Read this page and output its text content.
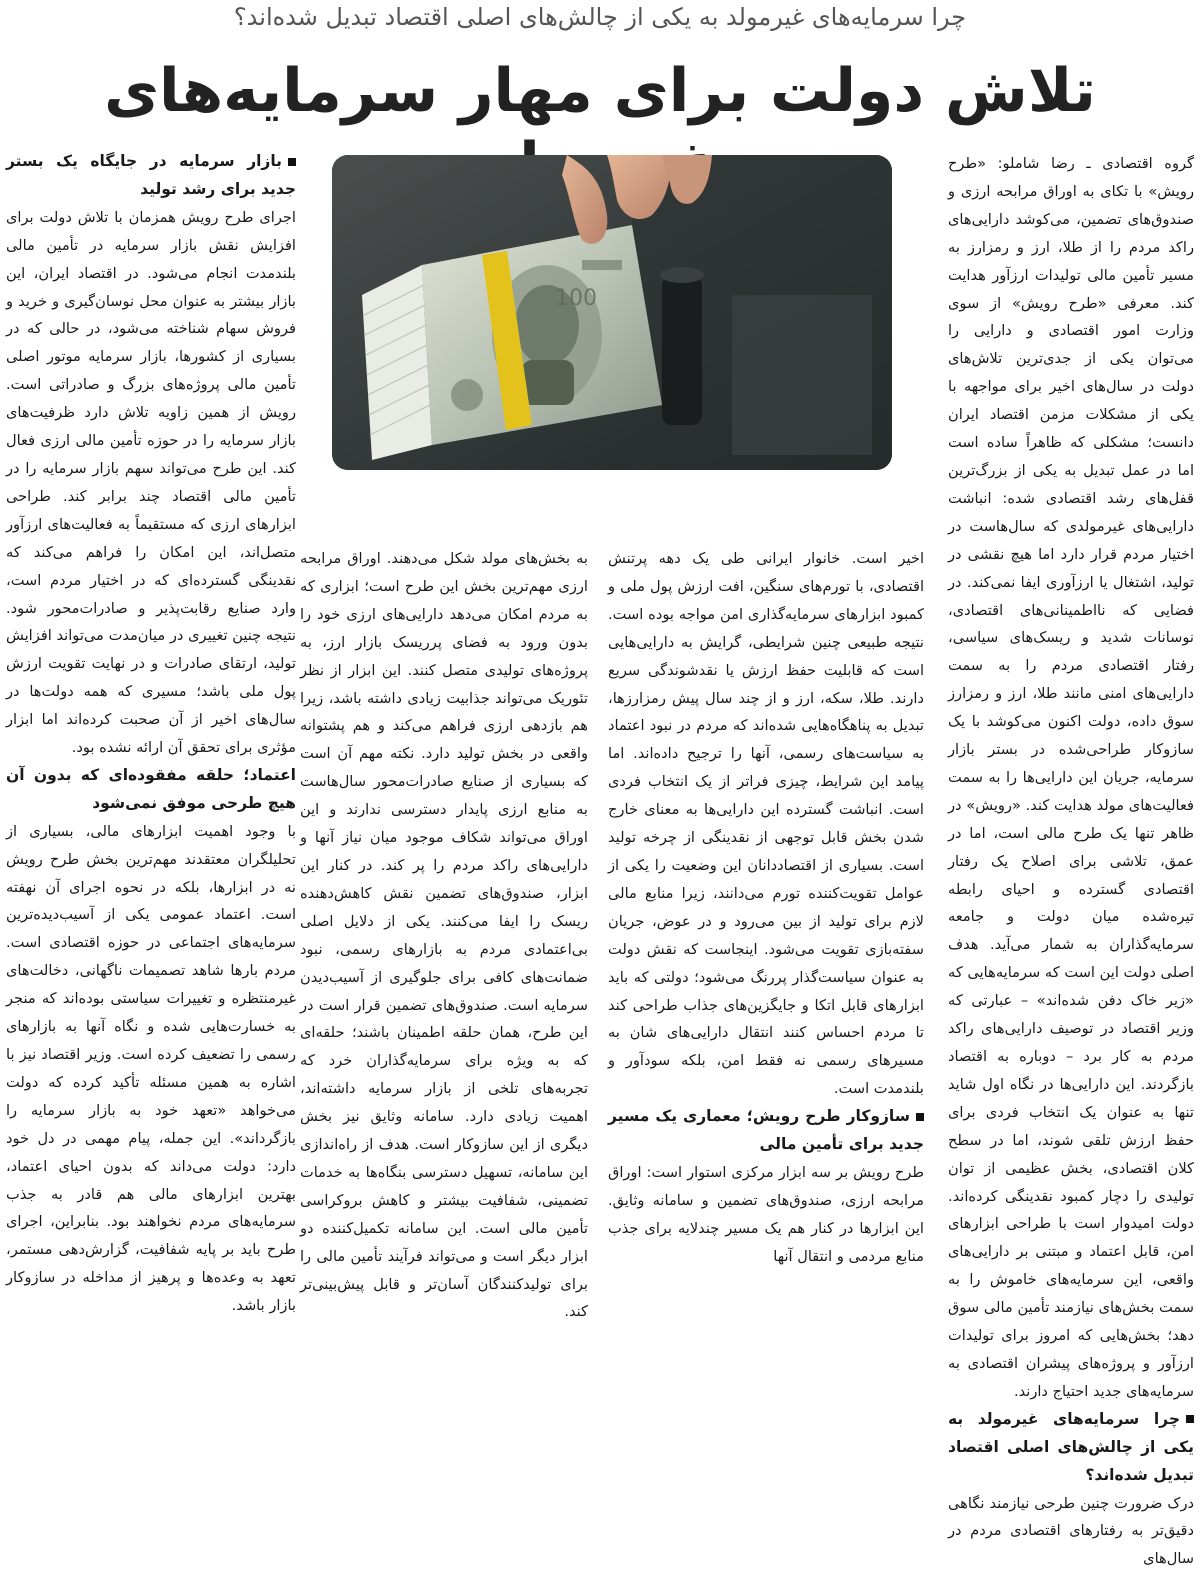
چرا سرمایه‌های غیرمولد به یکی از چالش‌های اصلی اقتصاد تبدیل شده‌اند؟
تلاش دولت برای مهار سرمایه‌های

گروه اقتصادی ـ رضا شاملو: «طرح رویش» با تکای به اوراق مرابحه ارزی و صندوق‌های تضمین، می‌کوشد دارایی‌های راکد مردم را از طلا، ارز و رمزارز به مسیر تأمین مالی تولیدات ارزآور هدایت کند. معرفی «طرح رویش» از سوی وزارت امور اقتصادی و دارایی را می‌توان یکی از جدی‌ترین تلاش‌های دولت در سال‌های اخیر برای مواجهه با یکی از مشکلات مزمن اقتصاد ایران دانست؛ مشکلی که ظاهراً ساده است اما در عمل تبدیل به یکی از بزرگ‌ترین قفل‌های رشد اقتصادی شده: انباشت دارایی‌های غیرمولدی که سال‌هاست در اختیار مردم قرار دارد اما هیچ نقشی در تولید، اشتغال یا ارزآوری ایفا نمی‌کند. در فضایی که نااطمینانی‌های اقتصادی، نوسانات شدید و ریسک‌های سیاسی، رفتار اقتصادی مردم را به سمت دارایی‌های امنی مانند طلا، ارز و رمزارز سوق داده، دولت اکنون می‌کوشد با یک سازوکار طراحی‌شده در بستر بازار سرمایه، جریان این دارایی‌ها را به سمت فعالیت‌های مولد هدایت کند. «رویش» در ظاهر تنها یک طرح مالی است، اما در عمق، تلاشی برای اصلاح یک رفتار اقتصادی گسترده و احیای رابطه تیره‌شده میان دولت و جامعه سرمایه‌گذاران به شمار می‌آید. هدف اصلی دولت این است که سرمایه‌هایی که «زیر خاک دفن شده‌اند» – عبارتی که وزیر اقتصاد در توصیف دارایی‌های راکد مردم به کار برد – دوباره به اقتصاد بازگردند. این دارایی‌ها در نگاه اول شاید تنها به عنوان یک انتخاب فردی برای حفظ ارزش تلقی شوند، اما در سطح کلان اقتصادی، بخش عظیمی از توان تولیدی را دچار کمبود نقدینگی کرده‌اند. دولت امیدوار است با طراحی ابزارهای امن، قابل اعتماد و مبتنی بر دارایی‌های واقعی، این سرمایه‌های خاموش را به سمت بخش‌های نیازمند تأمین مالی سوق دهد؛ بخش‌هایی که امروز برای تولیدات ارزآور و پروژه‌های پیشران اقتصادی به سرمایه‌های جدید احتیاج دارند.

چرا سرمایه‌های غیرمولد به یکی از چالش‌های اصلی اقتصاد تبدیل شده‌اند؟

درک ضرورت چنین طرحی نیازمند نگاهی دقیق‌تر به رفتارهای اقتصادی مردم در سال‌های

100

اخیر است. خانوار ایرانی طی یک دهه پرتنش اقتصادی، با تورم‌های سنگین، افت ارزش پول ملی و کمبود ابزارهای سرمایه‌گذاری امن مواجه بوده است. نتیجه طبیعی چنین شرایطی، گرایش به دارایی‌هایی است که قابلیت حفظ ارزش یا نقدشوندگی سریع دارند. طلا، سکه، ارز و از چند سال پیش رمزارزها، تبدیل به پناهگاه‌هایی شده‌اند که مردم در نبود اعتماد به سیاست‌های رسمی، آنها را ترجیح داده‌اند. اما پیامد این شرایط، چیزی فراتر از یک انتخاب فردی است. انباشت گسترده این دارایی‌ها به معنای خارج شدن بخش قابل توجهی از نقدینگی از چرخه تولید است. بسیاری از اقتصاددانان این وضعیت را یکی از عوامل تقویت‌کننده تورم می‌دانند، زیرا منابع مالی لازم برای تولید از بین می‌رود و در عوض، جریان سفته‌بازی تقویت می‌شود. اینجاست که نقش دولت به عنوان سیاست‌گذار پررنگ می‌شود؛ دولتی که باید ابزارهای قابل اتکا و جایگزین‌های جذاب طراحی کند تا مردم احساس کنند انتقال دارایی‌های شان به مسیرهای رسمی نه فقط امن، بلکه سودآور و بلندمدت است.

سازوکار طرح رویش؛ معماری یک مسیر جدید برای تأمین مالی

طرح رویش بر سه ابزار مرکزی استوار است: اوراق مرابحه ارزی، صندوق‌های تضمین و سامانه وثایق. این ابزارها در کنار هم یک مسیر چندلایه برای جذب منابع مردمی و انتقال آنها

به بخش‌های مولد شکل می‌دهند. اوراق مرابحه ارزی مهم‌ترین بخش این طرح است؛ ابزاری که به مردم امکان می‌دهد دارایی‌های ارزی خود را بدون ورود به فضای پرریسک بازار ارز، به پروژه‌های تولیدی متصل کنند. این ابزار از نظر تئوریک می‌تواند جذابیت زیادی داشته باشد، زیرا هم بازدهی ارزی فراهم می‌کند و هم پشتوانه واقعی در بخش تولید دارد. نکته مهم آن است که بسیاری از صنایع صادرات‌محور سال‌هاست به منابع ارزی پایدار دسترسی ندارند و این اوراق می‌تواند شکاف موجود میان نیاز آنها و دارایی‌های راکد مردم را پر کند. در کنار این ابزار، صندوق‌های تضمین نقش کاهش‌دهنده ریسک را ایفا می‌کنند. یکی از دلایل اصلی بی‌اعتمادی مردم به بازارهای رسمی، نبود ضمانت‌های کافی برای جلوگیری از آسیب‌دیدن سرمایه است. صندوق‌های تضمین قرار است در این طرح، همان حلقه اطمینان باشند؛ حلقه‌ای که به ویژه برای سرمایه‌گذاران خرد که تجربه‌های تلخی از بازار سرمایه داشته‌اند، اهمیت زیادی دارد. سامانه وثایق نیز بخش دیگری از این سازوکار است. هدف از راه‌اندازی این سامانه، تسهیل دسترسی بنگاه‌ها به خدمات تضمینی، شفافیت بیشتر و کاهش بروکراسی تأمین مالی است. این سامانه تکمیل‌کننده دو ابزار دیگر است و می‌تواند فرآیند تأمین مالی را برای تولیدکنندگان آسان‌تر و قابل پیش‌بینی‌تر کند.

بازار سرمایه در جایگاه یک بستر جدید برای رشد تولید

اجرای طرح رویش همزمان با تلاش دولت برای افزایش نقش بازار سرمایه در تأمین مالی بلندمدت انجام می‌شود. در اقتصاد ایران، این بازار بیشتر به عنوان محل نوسان‌گیری و خرید و فروش سهام شناخته می‌شود، در حالی که در بسیاری از کشورها، بازار سرمایه موتور اصلی تأمین مالی پروژه‌های بزرگ و صادراتی است. رویش از همین زاویه تلاش دارد ظرفیت‌های بازار سرمایه را در حوزه تأمین مالی ارزی فعال کند. این طرح می‌تواند سهم بازار سرمایه را در تأمین مالی اقتصاد چند برابر کند. طراحی ابزارهای ارزی که مستقیماً به فعالیت‌های ارزآور متصل‌اند، این امکان را فراهم می‌کند که نقدینگی گسترده‌ای که در اختیار مردم است، وارد صنایع رقابت‌پذیر و صادرات‌محور شود. نتیجه چنین تغییری در میان‌مدت می‌تواند افزایش تولید، ارتقای صادرات و در نهایت تقویت ارزش پول ملی باشد؛ مسیری که همه دولت‌ها در سال‌های اخیر از آن صحبت کرده‌اند اما ابزار مؤثری برای تحقق آن ارائه نشده بود.

اعتماد؛ حلقه مفقوده‌ای که بدون آن هیچ طرحی موفق نمی‌شود

با وجود اهمیت ابزارهای مالی، بسیاری از تحلیلگران معتقدند مهم‌ترین بخش طرح رویش نه در ابزارها، بلکه در نحوه اجرای آن نهفته است. اعتماد عمومی یکی از آسیب‌دیده‌ترین سرمایه‌های اجتماعی در حوزه اقتصادی است. مردم بارها شاهد تصمیمات ناگهانی، دخالت‌های غیرمنتظره و تغییرات سیاستی بوده‌اند که منجر به خسارت‌هایی شده و نگاه آنها به بازارهای رسمی را تضعیف کرده است. وزیر اقتصاد نیز با اشاره به همین مسئله تأکید کرده که دولت می‌خواهد «تعهد خود به بازار سرمایه را بازگرداند». این جمله، پیام مهمی در دل خود دارد: دولت می‌داند که بدون احیای اعتماد، بهترین ابزارهای مالی هم قادر به جذب سرمایه‌های مردم نخواهند بود. بنابراین، اجرای طرح باید بر پایه شفافیت، گزارش‌دهی مستمر، تعهد به وعده‌ها و پرهیز از مداخله در سازوکار بازار باشد.
